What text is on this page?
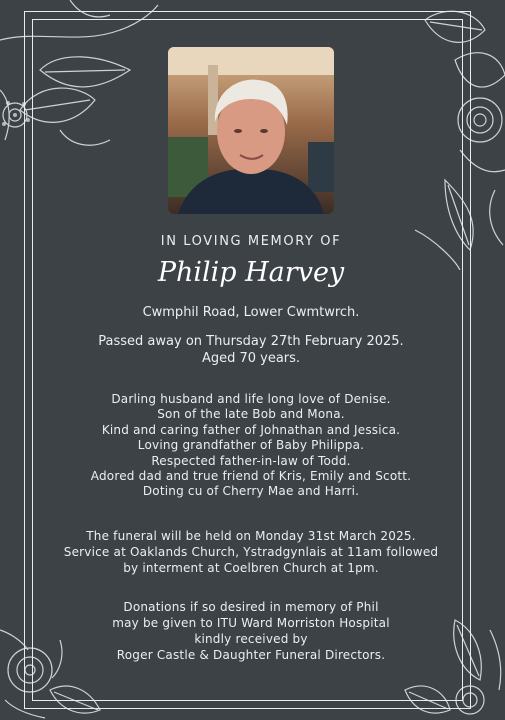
IN LOVING MEMORY OF
Philip Harvey
Cwmphil Road, Lower Cwmtwrch.
Passed away on Thursday 27th February 2025.
Aged 70 years.
Darling husband and life long love of Denise.
Son of the late Bob and Mona.
Kind and caring father of Johnathan and Jessica.
Loving grandfather of Baby Philippa.
Respected father-in-law of Todd.
Adored dad and true friend of Kris, Emily and Scott.
Doting cu of Cherry Mae and Harri.
The funeral will be held on Monday 31st March 2025.
Service at Oaklands Church, Ystradgynlais at 11am followed
by interment at Coelbren Church at 1pm.
Donations if so desired in memory of Phil
may be given to ITU Ward Morriston Hospital
kindly received by
Roger Castle & Daughter Funeral Directors.
